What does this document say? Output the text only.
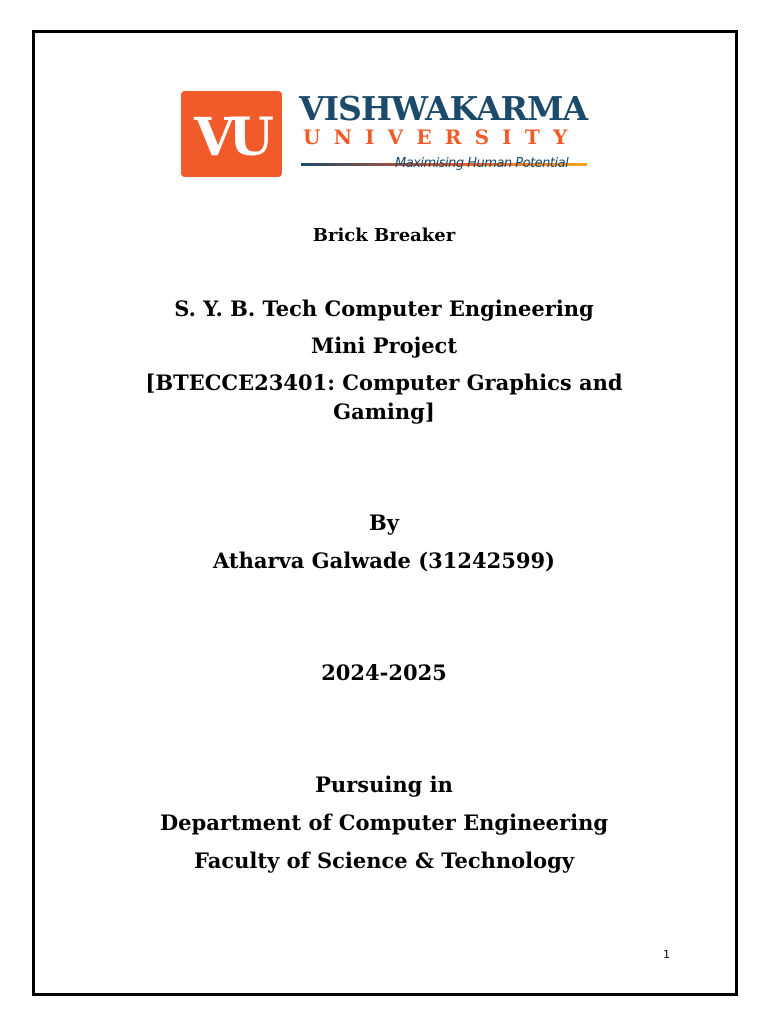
VU VISHWAKARMA
UNIVERSITY
Maximising Human Potential

Brick Breaker

S. Y. B. Tech Computer Engineering

Mini Project

[BTECCE23401: Computer Graphics and

Gaming]

By

Atharva Galwade (31242599)

2024-2025

Pursuing in

Department of Computer Engineering

Faculty of Science & Technology

1
